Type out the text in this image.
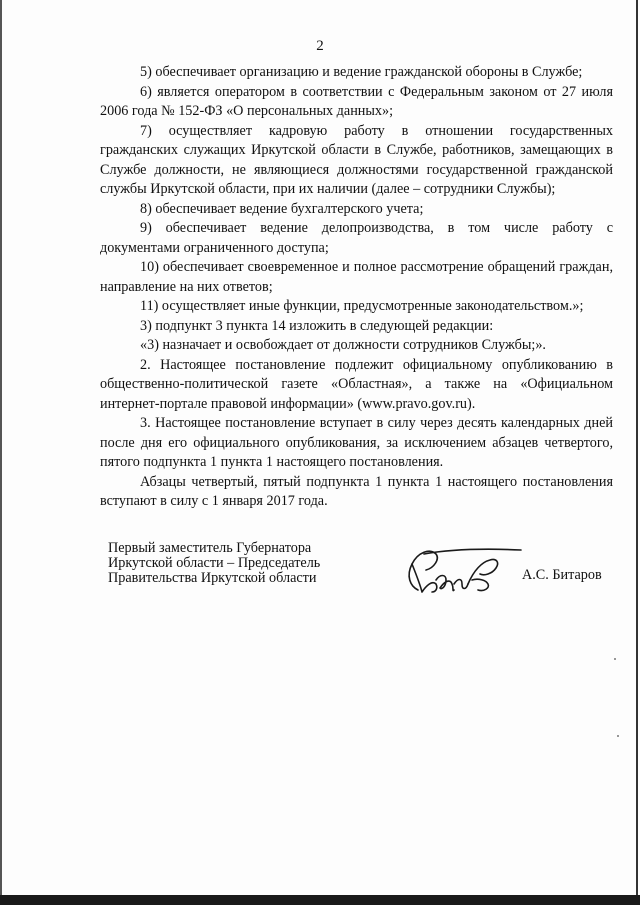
2

5) обеспечивает организацию и ведение гражданской обороны в Службе;

6) является оператором в соответствии с Федеральным законом от 27 июля 2006 года № 152-ФЗ «О персональных данных»;

7) осуществляет кадровую работу в отношении государственных гражданских служащих Иркутской области в Службе, работников, замещающих в Службе должности, не являющиеся должностями государственной гражданской службы Иркутской области, при их наличии (далее – сотрудники Службы);

8) обеспечивает ведение бухгалтерского учета;

9) обеспечивает ведение делопроизводства, в том числе работу с документами ограниченного доступа;

10) обеспечивает своевременное и полное рассмотрение обращений граждан, направление на них ответов;

11) осуществляет иные функции, предусмотренные законодательством.»;

3) подпункт 3 пункта 14 изложить в следующей редакции:

«3) назначает и освобождает от должности сотрудников Службы;».

2. Настоящее постановление подлежит официальному опубликованию в общественно-политической газете «Областная», а также на «Официальном интернет-портале правовой информации» (www.pravo.gov.ru).

3. Настоящее постановление вступает в силу через десять календарных дней после дня его официального опубликования, за исключением абзацев четвертого, пятого подпункта 1 пункта 1 настоящего постановления.

Абзацы четвертый, пятый подпункта 1 пункта 1 настоящего постановления вступают в силу с 1 января 2017 года.

Первый заместитель Губернатора
Иркутской области – Председатель
Правительства Иркутской области	А.С. Битаров
